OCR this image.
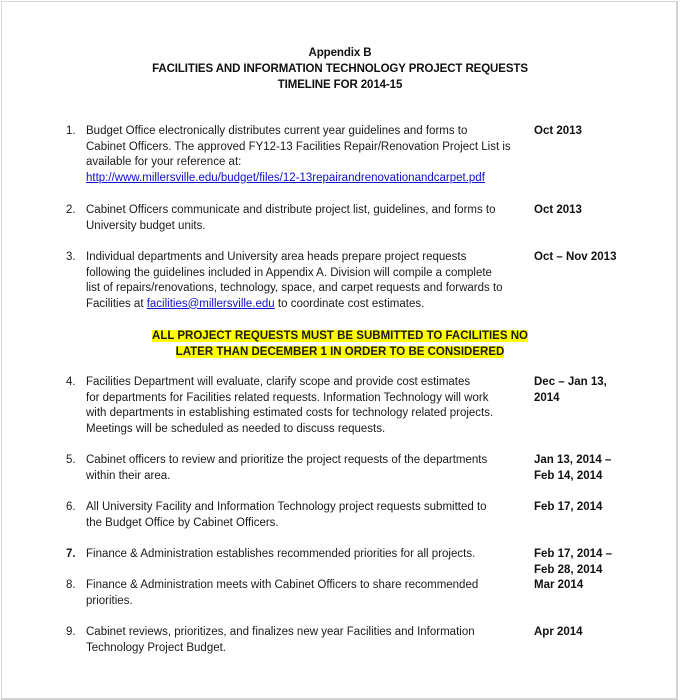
Appendix B
FACILITIES AND INFORMATION TECHNOLOGY PROJECT REQUESTS
TIMELINE FOR 2014-15
1. Budget Office electronically distributes current year guidelines and forms to
Cabinet Officers. The approved FY12-13 Facilities Repair/Renovation Project List is
available for your reference at:
http://www.millersville.edu/budget/files/12-13repairandrenovationandcarpet.pdf
Oct 2013
2. Cabinet Officers communicate and distribute project list, guidelines, and forms to
University budget units.
Oct 2013
3. Individual departments and University area heads prepare project requests
following the guidelines included in Appendix A. Division will compile a complete
list of repairs/renovations, technology, space, and carpet requests and forwards to
Facilities at facilities@millersville.edu to coordinate cost estimates.
Oct – Nov 2013
ALL PROJECT REQUESTS MUST BE SUBMITTED TO FACILITIES NO
LATER THAN DECEMBER 1 IN ORDER TO BE CONSIDERED
4. Facilities Department will evaluate, clarify scope and provide cost estimates
for departments for Facilities related requests. Information Technology will work
with departments in establishing estimated costs for technology related projects.
Meetings will be scheduled as needed to discuss requests.
Dec – Jan 13,
2014
5. Cabinet officers to review and prioritize the project requests of the departments
within their area.
Jan 13, 2014 –
Feb 14, 2014
6. All University Facility and Information Technology project requests submitted to
the Budget Office by Cabinet Officers.
Feb 17, 2014
7. Finance & Administration establishes recommended priorities for all projects.	Feb 17, 2014 –
Feb 28, 2014
8. Finance & Administration meets with Cabinet Officers to share recommended
priorities.
Mar 2014
9. Cabinet reviews, prioritizes, and finalizes new year Facilities and Information
Technology Project Budget.
Apr 2014
